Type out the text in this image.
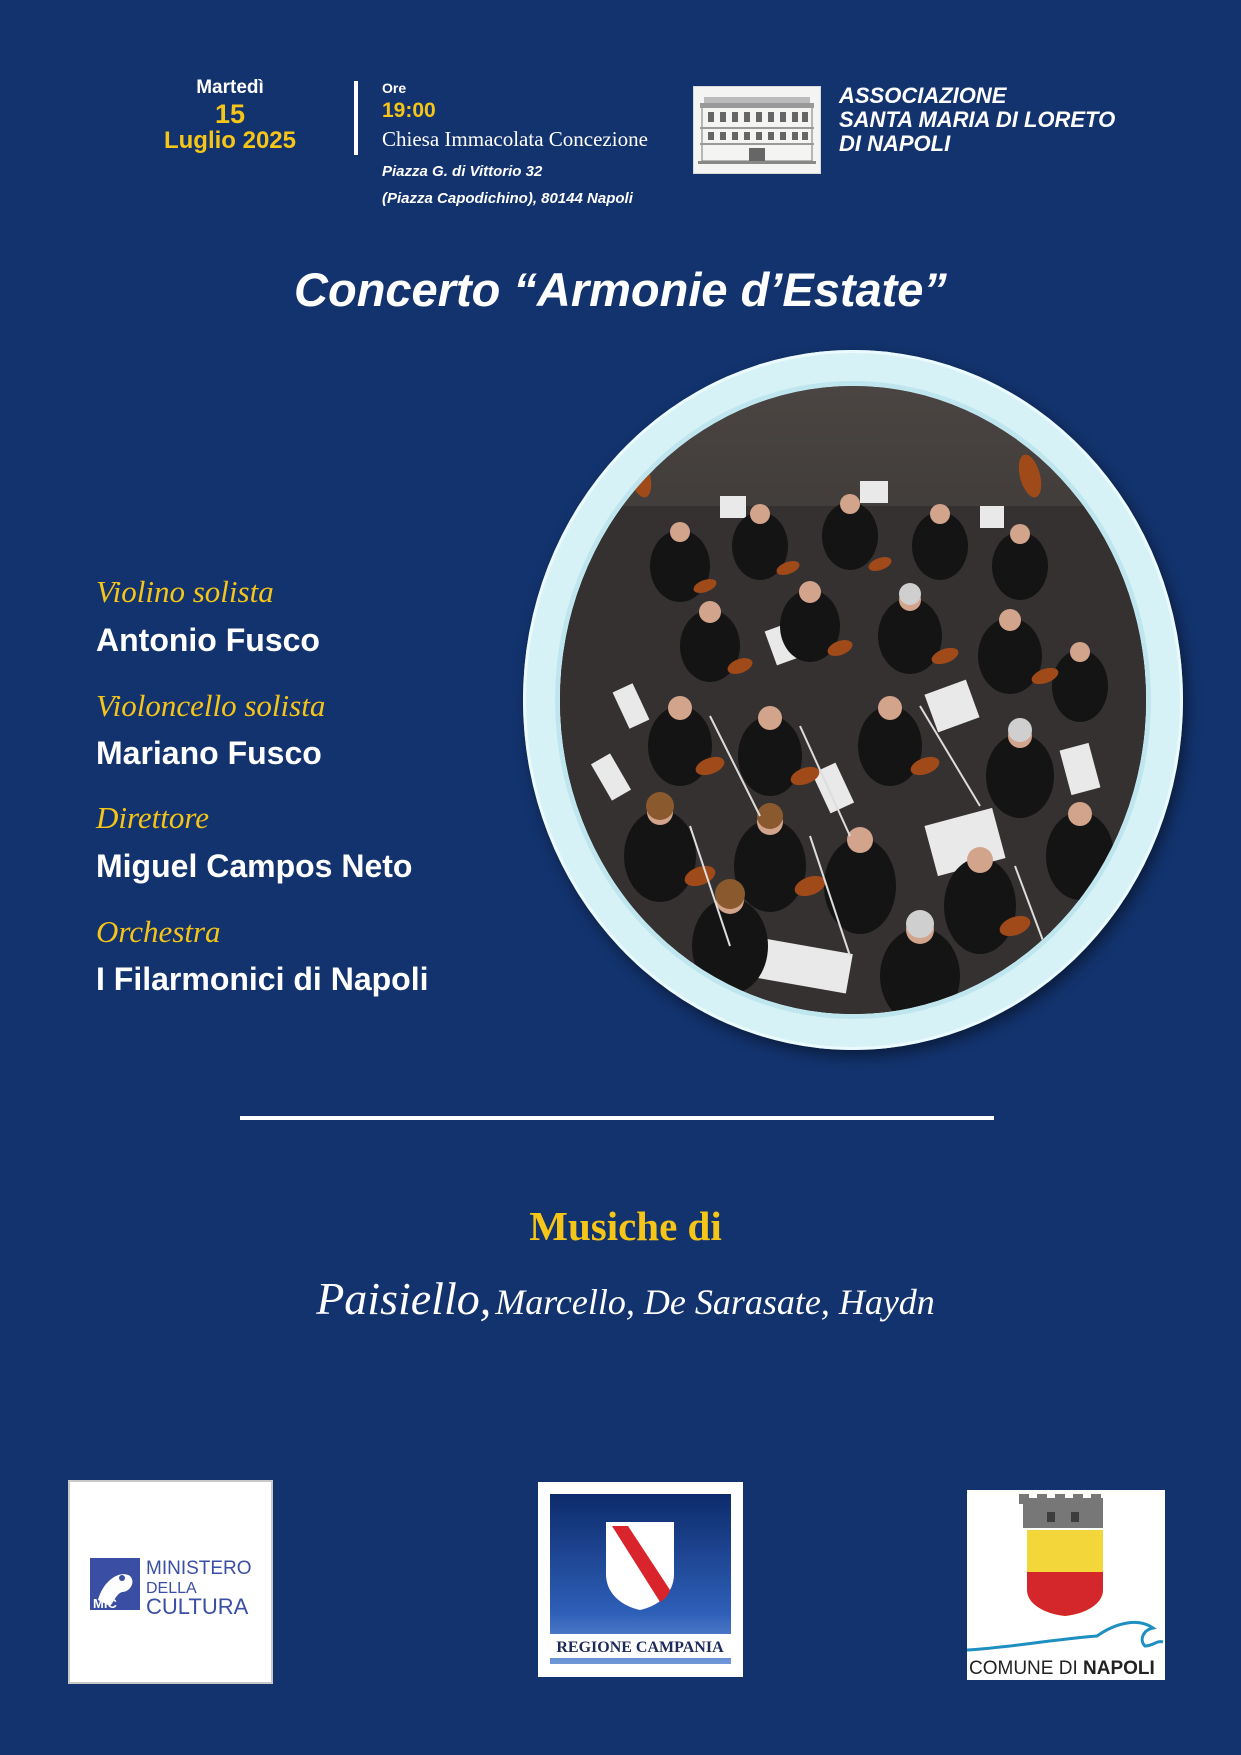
Martedì
15
Luglio 2025
Ore
19:00
Chiesa Immacolata Concezione
Piazza G. di Vittorio 32
(Piazza Capodichino), 80144 Napoli
ASSOCIAZIONE
SANTA MARIA DI LORETO
DI NAPOLI
Concerto “Armonie d’Estate”
Violino solista
Antonio Fusco
Violoncello solista
Mariano Fusco
Direttore
Miguel Campos Neto
Orchestra
I Filarmonici di Napoli
Musiche di
Paisiello, Marcello, De Sarasate, Haydn
MiC
MINISTERO
DELLA
CULTURA
REGIONE CAMPANIA
COMUNE DI NAPOLI
